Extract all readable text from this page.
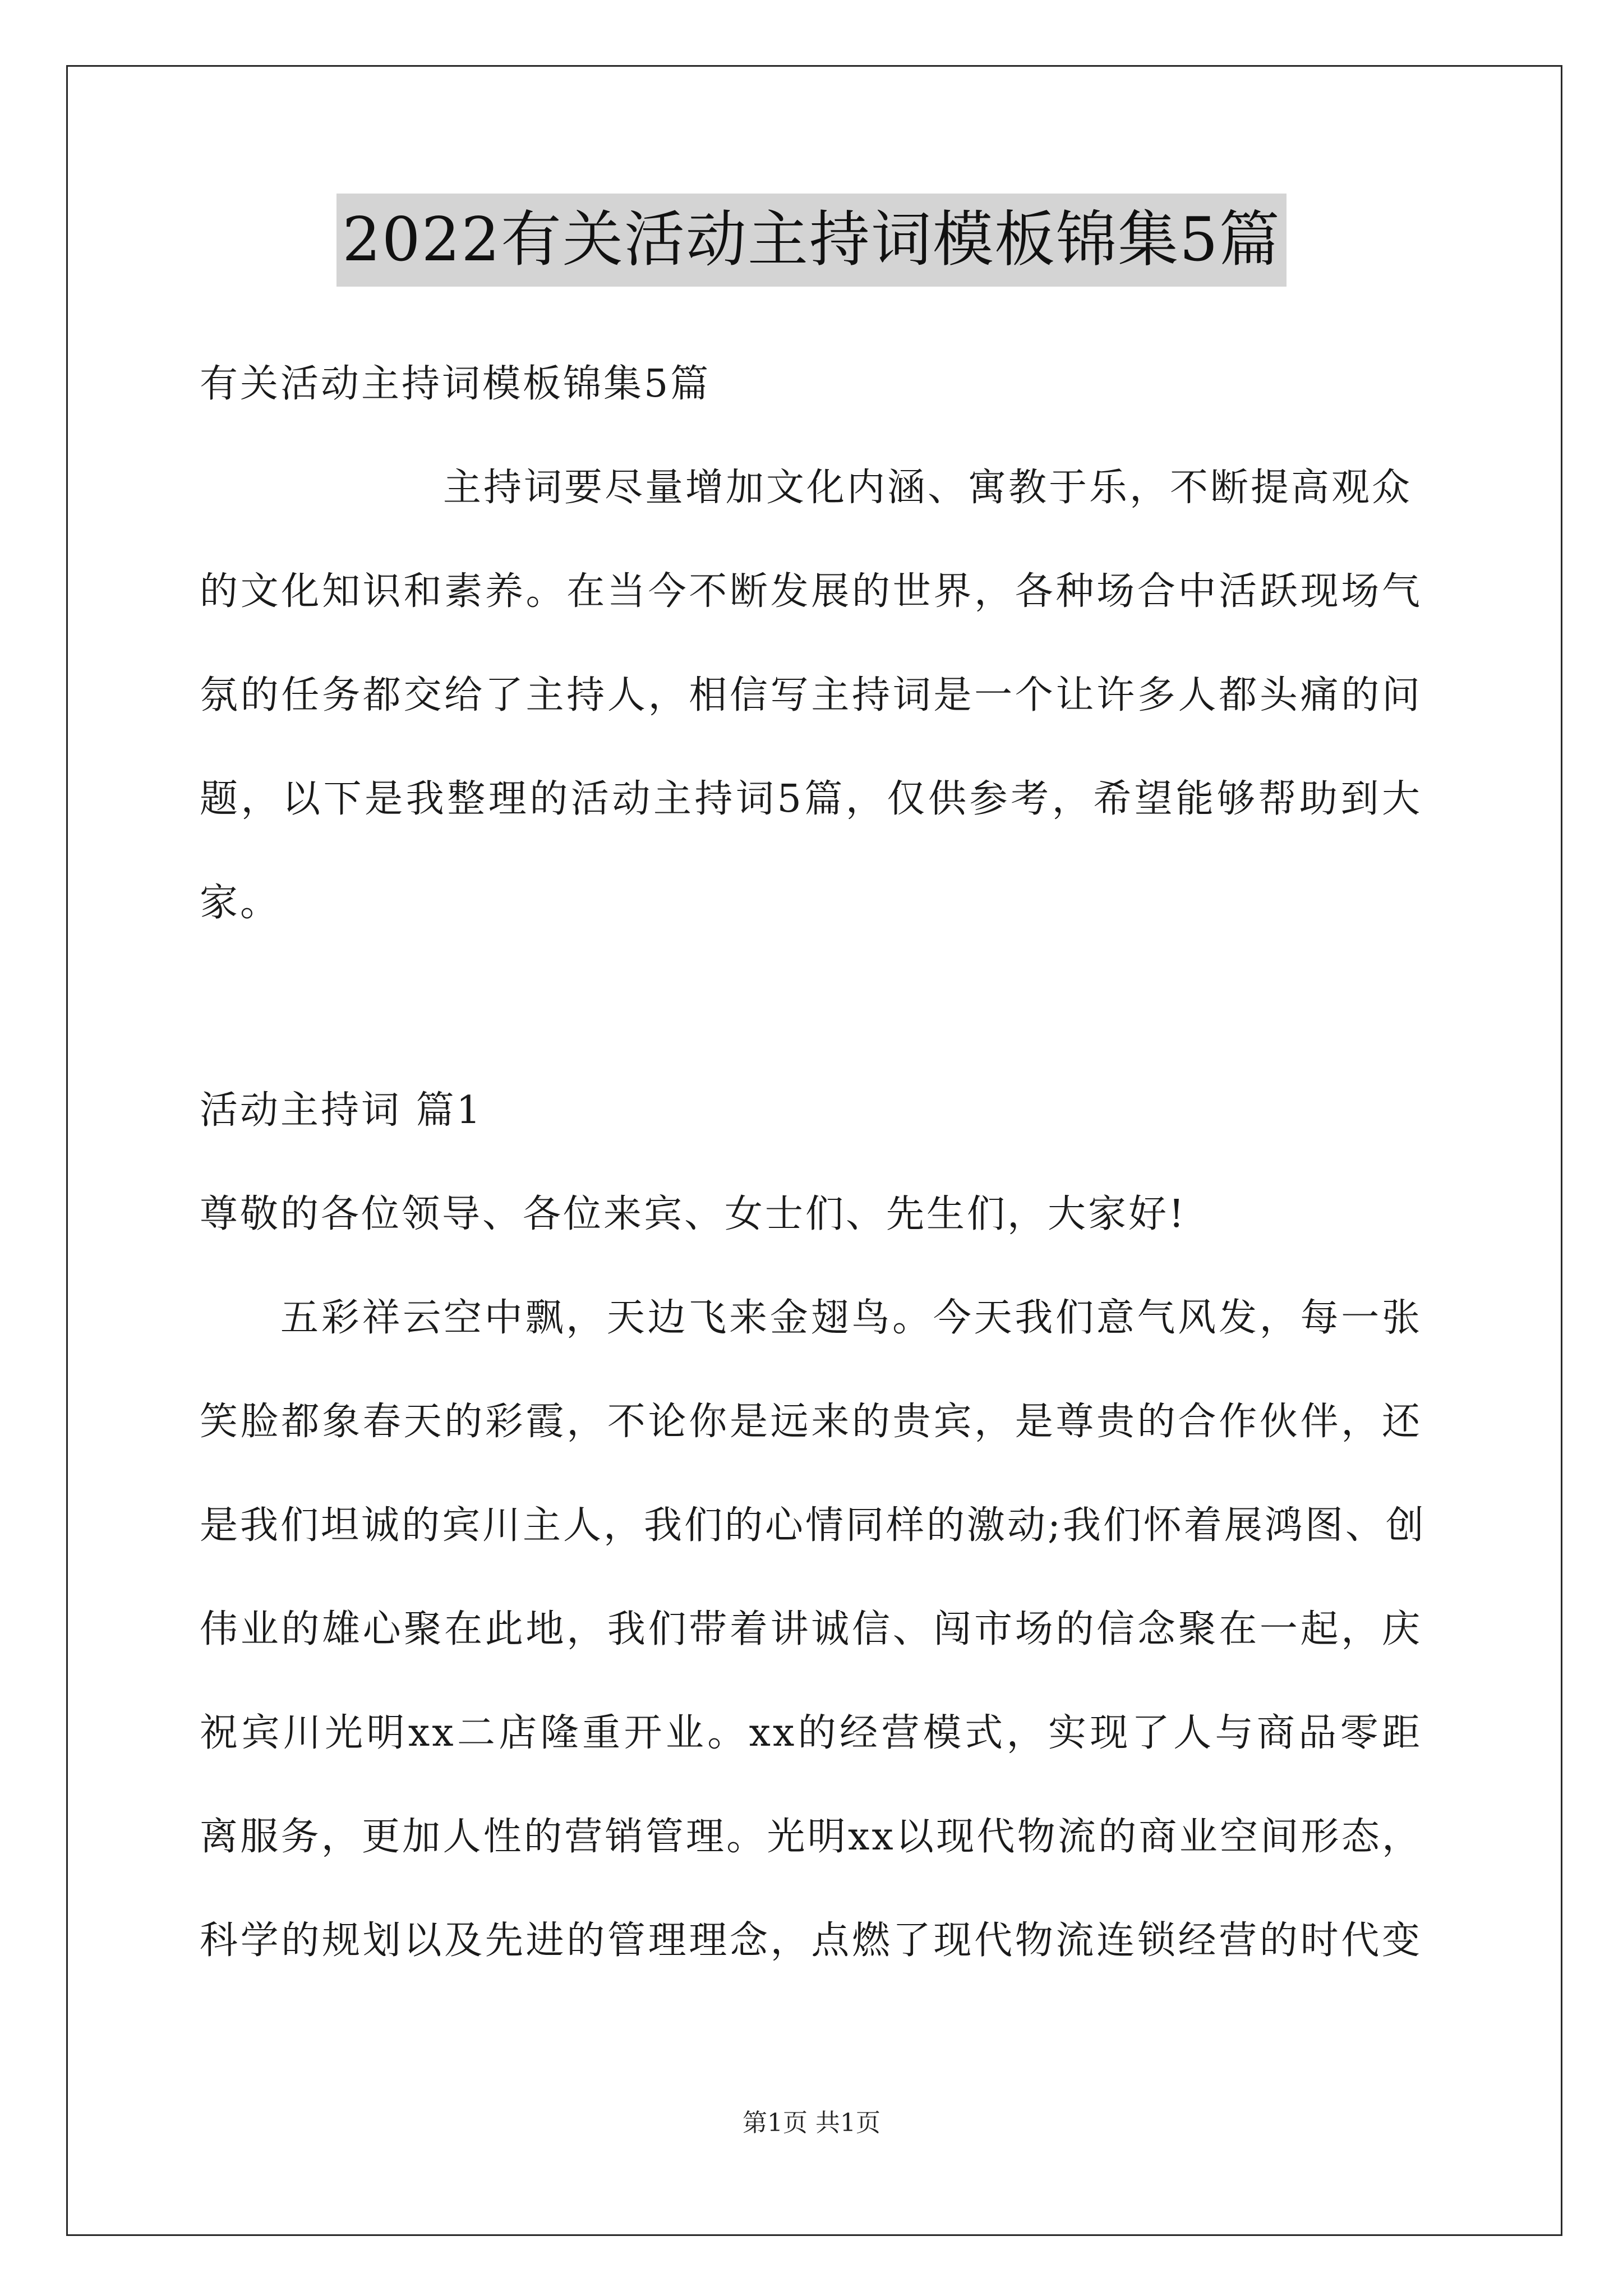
2022有关活动主持词模板锦集5篇
有关活动主持词模板锦集5篇
主持词要尽量增加文化内涵、寓教于乐，不断提高观众
的文化知识和素养。在当今不断发展的世界，各种场合中活跃现场气
氛的任务都交给了主持人，相信写主持词是一个让许多人都头痛的问
题，以下是我整理的活动主持词5篇，仅供参考，希望能够帮助到大
家。
活动主持词 篇1
尊敬的各位领导、各位来宾、女士们、先生们，大家好!
五彩祥云空中飘，天边飞来金翅鸟。今天我们意气风发，每一张
笑脸都象春天的彩霞，不论你是远来的贵宾，是尊贵的合作伙伴，还
是我们坦诚的宾川主人，我们的心情同样的激动;我们怀着展鸿图、创
伟业的雄心聚在此地，我们带着讲诚信、闯市场的信念聚在一起，庆
祝宾川光明xx二店隆重开业。xx的经营模式，实现了人与商品零距
离服务，更加人性的营销管理。光明xx以现代物流的商业空间形态，
科学的规划以及先进的管理理念，点燃了现代物流连锁经营的时代变
第1页 共1页
